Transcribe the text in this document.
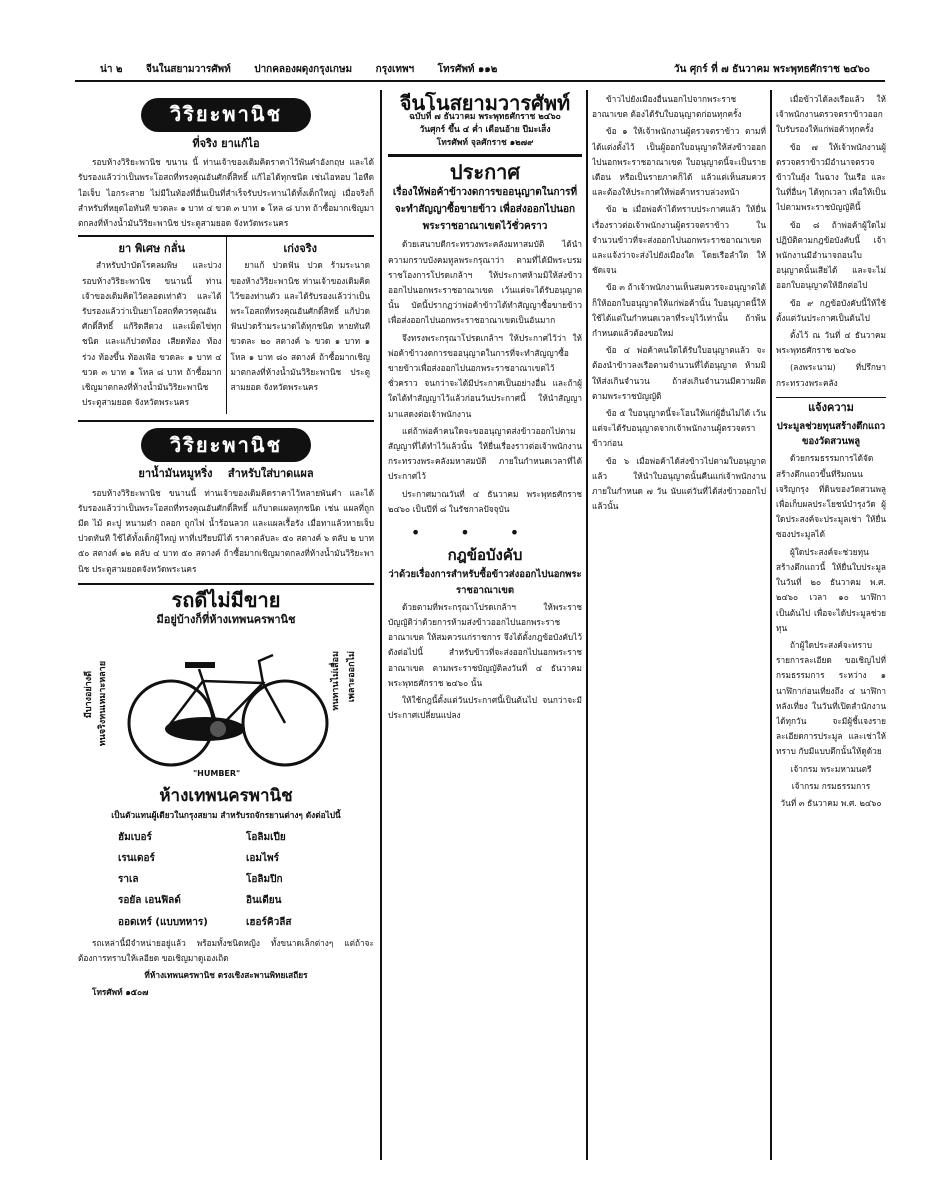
น่า ๒ จีนในสยามวารศัพท์ ปากคลองผดุงกรุงเกษม กรุงเทพฯ โทรศัพท์ ๑๑๒	วัน ศุกร์ ที่ ๗ ธันวาคม พระพุทธศักราช ๒๔๖๐
วิริยะพานิช
ที่จริง ยาแก้ไอ

รอบห้างวิริยะพานิช ขนาน นี้ ท่านเจ้าของเดิมคิดราคาไว้พันคำอังกฤษ และได้รับรองแล้วว่าเป็นพระโอสถที่ทรงคุณอันศักดิ์สิทธิ์ แก้ไอได้ทุกชนิด เช่นไอหอบ ไอหืด ไอเจ็บ ไอกระสาย ไม่มีในท้องที่อื่นเป็นที่สำเร็จรับประทานได้ทั้งเด็กใหญ่ เมื่อจริงก็สำหรับที่หยุดไอทันที ขวดละ ๑ บาท ๔ ขวด ๓ บาท ๑ โหล ๘ บาท ถ้าซื้อมากเชิญมาตกลงที่ห้างน้ำมันวิริยะพานิช ประตูสามยอด จังหวัดพระนคร

ยา พิเศษ กลั่น

สำหรับบำบัดโรคลมพิษ และบ่วงรอบห้างวิริยะพานิช ขนานนี้ ท่านเจ้าของเดิมคิดไว้ตลอดเท่าตัว และได้รับรองแล้วว่าเป็นยาโอสถที่ควรคุณอันศักดิ์สิทธิ์ แก้ริดสีดวง และเม็ดไข่ทุกชนิด และแก้ปวดท้อง เสียดท้อง ท้องร่วง ท้องขึ้น ท้องเฟ้อ ขวดละ ๑ บาท ๔ ขวด ๓ บาท ๑ โหล ๘ บาท ถ้าซื้อมากเชิญมาตกลงที่ห้างน้ำมันวิริยะพานิช ประตูสามยอด จังหวัดพระนคร

เก่งจริง

ยาแก้ ปวดฟัน ปวด ร้ามระนาด ของห้างวิริยะพานิช ท่านเจ้าของเดิมคิดไว้ของท่านตัว และได้รับรองแล้วว่าเป็นพระโอสถที่ทรงคุณอันศักดิ์สิทธิ์ แก้ปวดฟันปวดร้ามระนาดได้ทุกชนิด หายทันที ขวดละ ๒๐ สตางค์ ๖ ขวด ๑ บาท ๑ โหล ๑ บาท ๘๐ สตางค์ ถ้าซื้อมากเชิญมาตกลงที่ห้างน้ำมันวิริยะพานิช ประตูสามยอด จังหวัดพระนคร

วิริยะพานิช
ยาน้ำมันหมูหริ่ง สำหรับใส่บาดแผล

รอบห้างวิริยะพานิช ขนานนี้ ท่านเจ้าของเดิมคิดราคาไว้หลายพันคำ และได้รับรองแล้วว่าเป็นพระโอสถที่ทรงคุณอันศักดิ์สิทธิ์ แก้บาดแผลทุกชนิด เช่น แผลที่ถูกมีด ไม้ ตะปู หนามตำ ถลอก ถูกไฟ น้ำร้อนลวก และแผลเรื้อรัง เมื่อทาแล้วหายเจ็บปวดทันที ใช้ได้ทั้งเด็กผู้ใหญ่ หาที่เปรียบมิได้ ราคาตลับละ ๕๐ สตางค์ ๖ ตลับ ๒ บาท ๕๐ สตางค์ ๑๒ ตลับ ๔ บาท ๕๐ สตางค์ ถ้าซื้อมากเชิญมาตกลงที่ห้างน้ำมันวิริยะพานิช ประตูสามยอดจังหวัดพระนคร

รถดีไม่มีขาย
มีอยู่บ้างก็ที่ห้างเทพนครพานิช
มีบางอย่างดี ทนจริงทนเหมาะหลาย	ทนทานไม่เสื่อม เพลาะออกไม่
"HUMBER"
ห้างเทพนครพานิช

เป็นตัวแทนผู้เดียวในกรุงสยาม สำหรับรถจักรยานต่างๆ ดังต่อไปนี้

ฮัมเบอร์	โอลิมเปีย
เรนเดอร์	เอมไพร์
ราเล	โอลิมปิก
รอยัล เอนฟิลด์	อินเดียน
ออดเทร์ (แบบทหาร)	เฮอร์คิวลีส

รถเหล่านี้มีจำหน่ายอยู่แล้ว พร้อมทั้งชนิดหญิง ทั้งขนาดเล็กต่างๆ แต่ถ้าจะต้องการทราบให้เลอียด ขอเชิญมาดูเองเถิด

ที่ห้างเทพนครพานิช ตรงเชิงสะพานพิทยเสถียร

โทรศัพท์ ๑๕๐๗

จีนโนสยามวารศัพท์
ฉบับที่ ๗ ธันวาคม พระพุทธศักราช ๒๔๖๐
วันศุกร์ ขึ้น ๔ ค่ำ เดือนอ้าย ปีมะเส็ง
โทรศัพท์ จุลศักราช ๑๒๗๙
ประกาศ

เรื่องให้พ่อค้าข้าวงดการขออนุญาตในการที่จะทำสัญญาซื้อขายข้าว เพื่อส่งออกไปนอกพระราชอาณาเขตไว้ชั่วคราว

ด้วยเสนาบดีกระทรวงพระคลังมหาสมบัติ ได้นำความกราบบังคมทูลพระกรุณาว่า ตามที่ได้มีพระบรมราชโองการโปรดเกล้าฯ ให้ประกาศห้ามมิให้ส่งข้าวออกไปนอกพระราชอาณาเขต เว้นแต่จะได้รับอนุญาตนั้น บัดนี้ปรากฏว่าพ่อค้าข้าวได้ทำสัญญาซื้อขายข้าวเพื่อส่งออกไปนอกพระราชอาณาเขตเป็นอันมาก

จึงทรงพระกรุณาโปรดเกล้าฯ ให้ประกาศไว้ว่า ให้พ่อค้าข้าวงดการขออนุญาตในการที่จะทำสัญญาซื้อขายข้าวเพื่อส่งออกไปนอกพระราชอาณาเขตไว้ชั่วคราว จนกว่าจะได้มีประกาศเป็นอย่างอื่น และถ้าผู้ใดได้ทำสัญญาไว้แล้วก่อนวันประกาศนี้ ให้นำสัญญามาแสดงต่อเจ้าพนักงาน

แต่ถ้าพ่อค้าคนใดจะขออนุญาตส่งข้าวออกไปตามสัญญาที่ได้ทำไว้แล้วนั้น ให้ยื่นเรื่องราวต่อเจ้าพนักงานกระทรวงพระคลังมหาสมบัติ ภายในกำหนดเวลาที่ได้ประกาศไว้

ประกาศมาณวันที่ ๔ ธันวาคม พระพุทธศักราช ๒๔๖๐ เป็นปีที่ ๘ ในรัชกาลปัจจุบัน

•••
กฎข้อบังคับ

ว่าด้วยเรื่องการสำหรับซื้อข้าวส่งออกไปนอกพระราชอาณาเขต

ด้วยตามที่พระกรุณาโปรดเกล้าฯ ให้พระราชบัญญัติว่าด้วยการห้ามส่งข้าวออกไปนอกพระราชอาณาเขต ให้สมควรแก่ราชการ จึงได้ตั้งกฎข้อบังคับไว้ดังต่อไปนี้ สำหรับข้าวที่จะส่งออกไปนอกพระราชอาณาเขต ตามพระราชบัญญัติลงวันที่ ๔ ธันวาคม พระพุทธศักราช ๒๔๖๐ นั้น

ให้ใช้กฎนี้ตั้งแต่วันประกาศนี้เป็นต้นไป จนกว่าจะมีประกาศเปลี่ยนแปลง

ข้าวไปยังเมืองอื่นนอกไปจากพระราชอาณาเขต ต้องได้รับใบอนุญาตก่อนทุกครั้ง

ข้อ ๑ ให้เจ้าพนักงานผู้ตรวจตราข้าว ตามที่ได้แต่งตั้งไว้ เป็นผู้ออกใบอนุญาตให้ส่งข้าวออกไปนอกพระราชอาณาเขต ใบอนุญาตนี้จะเป็นรายเดือน หรือเป็นรายภาคก็ได้ แล้วแต่เห็นสมควร และต้องให้ประกาศให้พ่อค้าทราบล่วงหน้า

ข้อ ๒ เมื่อพ่อค้าได้ทราบประกาศแล้ว ให้ยื่นเรื่องราวต่อเจ้าพนักงานผู้ตรวจตราข้าว ในจำนวนข้าวที่จะส่งออกไปนอกพระราชอาณาเขต และแจ้งว่าจะส่งไปยังเมืองใด โดยเรือลำใด ให้ชัดเจน

ข้อ ๓ ถ้าเจ้าพนักงานเห็นสมควรจะอนุญาตได้ ก็ให้ออกใบอนุญาตให้แก่พ่อค้านั้น ใบอนุญาตนี้ให้ใช้ได้แต่ในกำหนดเวลาที่ระบุไว้เท่านั้น ถ้าพ้นกำหนดแล้วต้องขอใหม่

ข้อ ๔ พ่อค้าคนใดได้รับใบอนุญาตแล้ว จะต้องนำข้าวลงเรือตามจำนวนที่ได้อนุญาต ห้ามมิให้ส่งเกินจำนวน ถ้าส่งเกินจำนวนมีความผิดตามพระราชบัญญัติ

ข้อ ๕ ใบอนุญาตนี้จะโอนให้แก่ผู้อื่นไม่ได้ เว้นแต่จะได้รับอนุญาตจากเจ้าพนักงานผู้ตรวจตราข้าวก่อน

ข้อ ๖ เมื่อพ่อค้าได้ส่งข้าวไปตามใบอนุญาตแล้ว ให้นำใบอนุญาตนั้นคืนแก่เจ้าพนักงาน ภายในกำหนด ๗ วัน นับแต่วันที่ได้ส่งข้าวออกไปแล้วนั้น

เมื่อข้าวได้ลงเรือแล้ว ให้เจ้าพนักงานตรวจตราข้าวออกใบรับรองให้แก่พ่อค้าทุกครั้ง

ข้อ ๗ ให้เจ้าพนักงานผู้ตรวจตราข้าวมีอำนาจตรวจข้าวในยุ้ง ในฉาง ในเรือ และในที่อื่นๆ ได้ทุกเวลา เพื่อให้เป็นไปตามพระราชบัญญัตินี้

ข้อ ๘ ถ้าพ่อค้าผู้ใดไม่ปฏิบัติตามกฎข้อบังคับนี้ เจ้าพนักงานมีอำนาจถอนใบอนุญาตนั้นเสียได้ และจะไม่ออกใบอนุญาตให้อีกต่อไป

ข้อ ๙ กฎข้อบังคับนี้ให้ใช้ตั้งแต่วันประกาศเป็นต้นไป

ตั้งไว้ ณ วันที่ ๔ ธันวาคม พระพุทธศักราช ๒๔๖๐

(ลงพระนาม) ที่ปรึกษากระทรวงพระคลัง

แจ้งความ

ประมูลช่วยทุนสร้างตึกแถว ของวัดสวนพลู

ด้วยกรมธรรมการได้จัดสร้างตึกแถวขึ้นที่ริมถนนเจริญกรุง ที่ดินของวัดสวนพลู เพื่อเก็บผลประโยชน์บำรุงวัด ผู้ใดประสงค์จะประมูลเช่า ให้ยื่นซองประมูลได้

ผู้ใดประสงค์จะช่วยทุนสร้างตึกแถวนี้ ให้ยื่นใบประมูลในวันที่ ๒๐ ธันวาคม พ.ศ. ๒๔๖๐ เวลา ๑๐ นาฬิกา เป็นต้นไป เพื่อจะได้ประมูลช่วยทุน

ถ้าผู้ใดประสงค์จะทราบรายการละเอียด ขอเชิญไปที่กรมธรรมการ ระหว่าง ๑ นาฬิกาก่อนเที่ยงถึง ๔ นาฬิกาหลังเที่ยง ในวันที่เปิดสำนักงานได้ทุกวัน จะมีผู้ชี้แจงรายละเอียดการประมูล และเช่าให้ทราบ กับมีแบบตึกนั้นให้ดูด้วย

เจ้ากรม พระมหามนตรี

เจ้ากรม กรมธรรมการ

วันที่ ๓ ธันวาคม พ.ศ. ๒๔๖๐
